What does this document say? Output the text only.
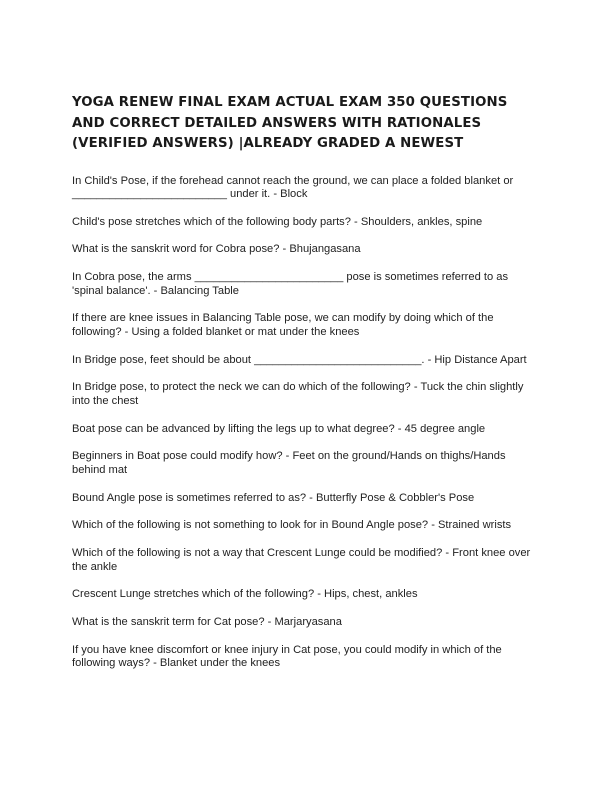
YOGA RENEW FINAL EXAM ACTUAL EXAM 350 QUESTIONS AND CORRECT DETAILED ANSWERS WITH RATIONALES (VERIFIED ANSWERS) |ALREADY GRADED A NEWEST

In Child's Pose, if the forehead cannot reach the ground, we can place a folded blanket or _________________________ under it. - Block

Child's pose stretches which of the following body parts? - Shoulders, ankles, spine

What is the sanskrit word for Cobra pose? - Bhujangasana

In Cobra pose, the arms ________________________ pose is sometimes referred to as 'spinal balance'. - Balancing Table

If there are knee issues in Balancing Table pose, we can modify by doing which of the following? - Using a folded blanket or mat under the knees

In Bridge pose, feet should be about ___________________________. - Hip Distance Apart

In Bridge pose, to protect the neck we can do which of the following? - Tuck the chin slightly into the chest

Boat pose can be advanced by lifting the legs up to what degree? - 45 degree angle

Beginners in Boat pose could modify how? - Feet on the ground/Hands on thighs/Hands behind mat

Bound Angle pose is sometimes referred to as? - Butterfly Pose & Cobbler's Pose

Which of the following is not something to look for in Bound Angle pose? - Strained wrists

Which of the following is not a way that Crescent Lunge could be modified? - Front knee over the ankle

Crescent Lunge stretches which of the following? - Hips, chest, ankles

What is the sanskrit term for Cat pose? - Marjaryasana

If you have knee discomfort or knee injury in Cat pose, you could modify in which of the following ways? - Blanket under the knees
